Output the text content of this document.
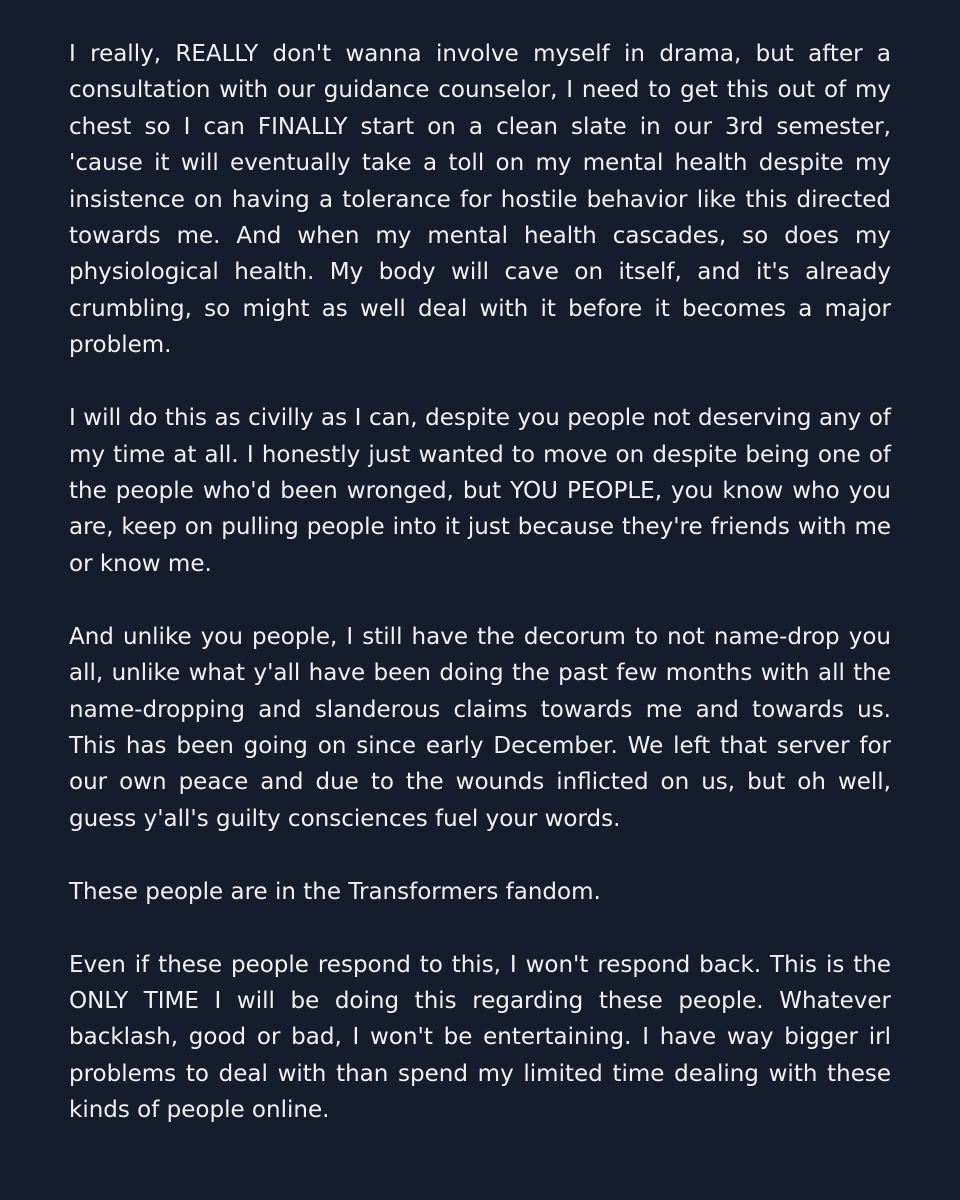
I really, REALLY don't wanna involve myself in drama, but after a consultation with our guidance counselor, I need to get this out of my chest so I can FINALLY start on a clean slate in our 3rd semester, 'cause it will eventually take a toll on my mental health despite my insistence on having a tolerance for hostile behavior like this directed towards me. And when my mental health cascades, so does my physiological health. My body will cave on itself, and it's already crumbling, so might as well deal with it before it becomes a major problem.

I will do this as civilly as I can, despite you people not deserving any of my time at all. I honestly just wanted to move on despite being one of the people who'd been wronged, but YOU PEOPLE, you know who you are, keep on pulling people into it just because they're friends with me or know me.

And unlike you people, I still have the decorum to not name-drop you all, unlike what y'all have been doing the past few months with all the name-dropping and slanderous claims towards me and towards us. This has been going on since early December. We left that server for our own peace and due to the wounds inflicted on us, but oh well, guess y'all's guilty consciences fuel your words.

These people are in the Transformers fandom.

Even if these people respond to this, I won't respond back. This is the ONLY TIME I will be doing this regarding these people. Whatever backlash, good or bad, I won't be entertaining. I have way bigger irl problems to deal with than spend my limited time dealing with these kinds of people online.
